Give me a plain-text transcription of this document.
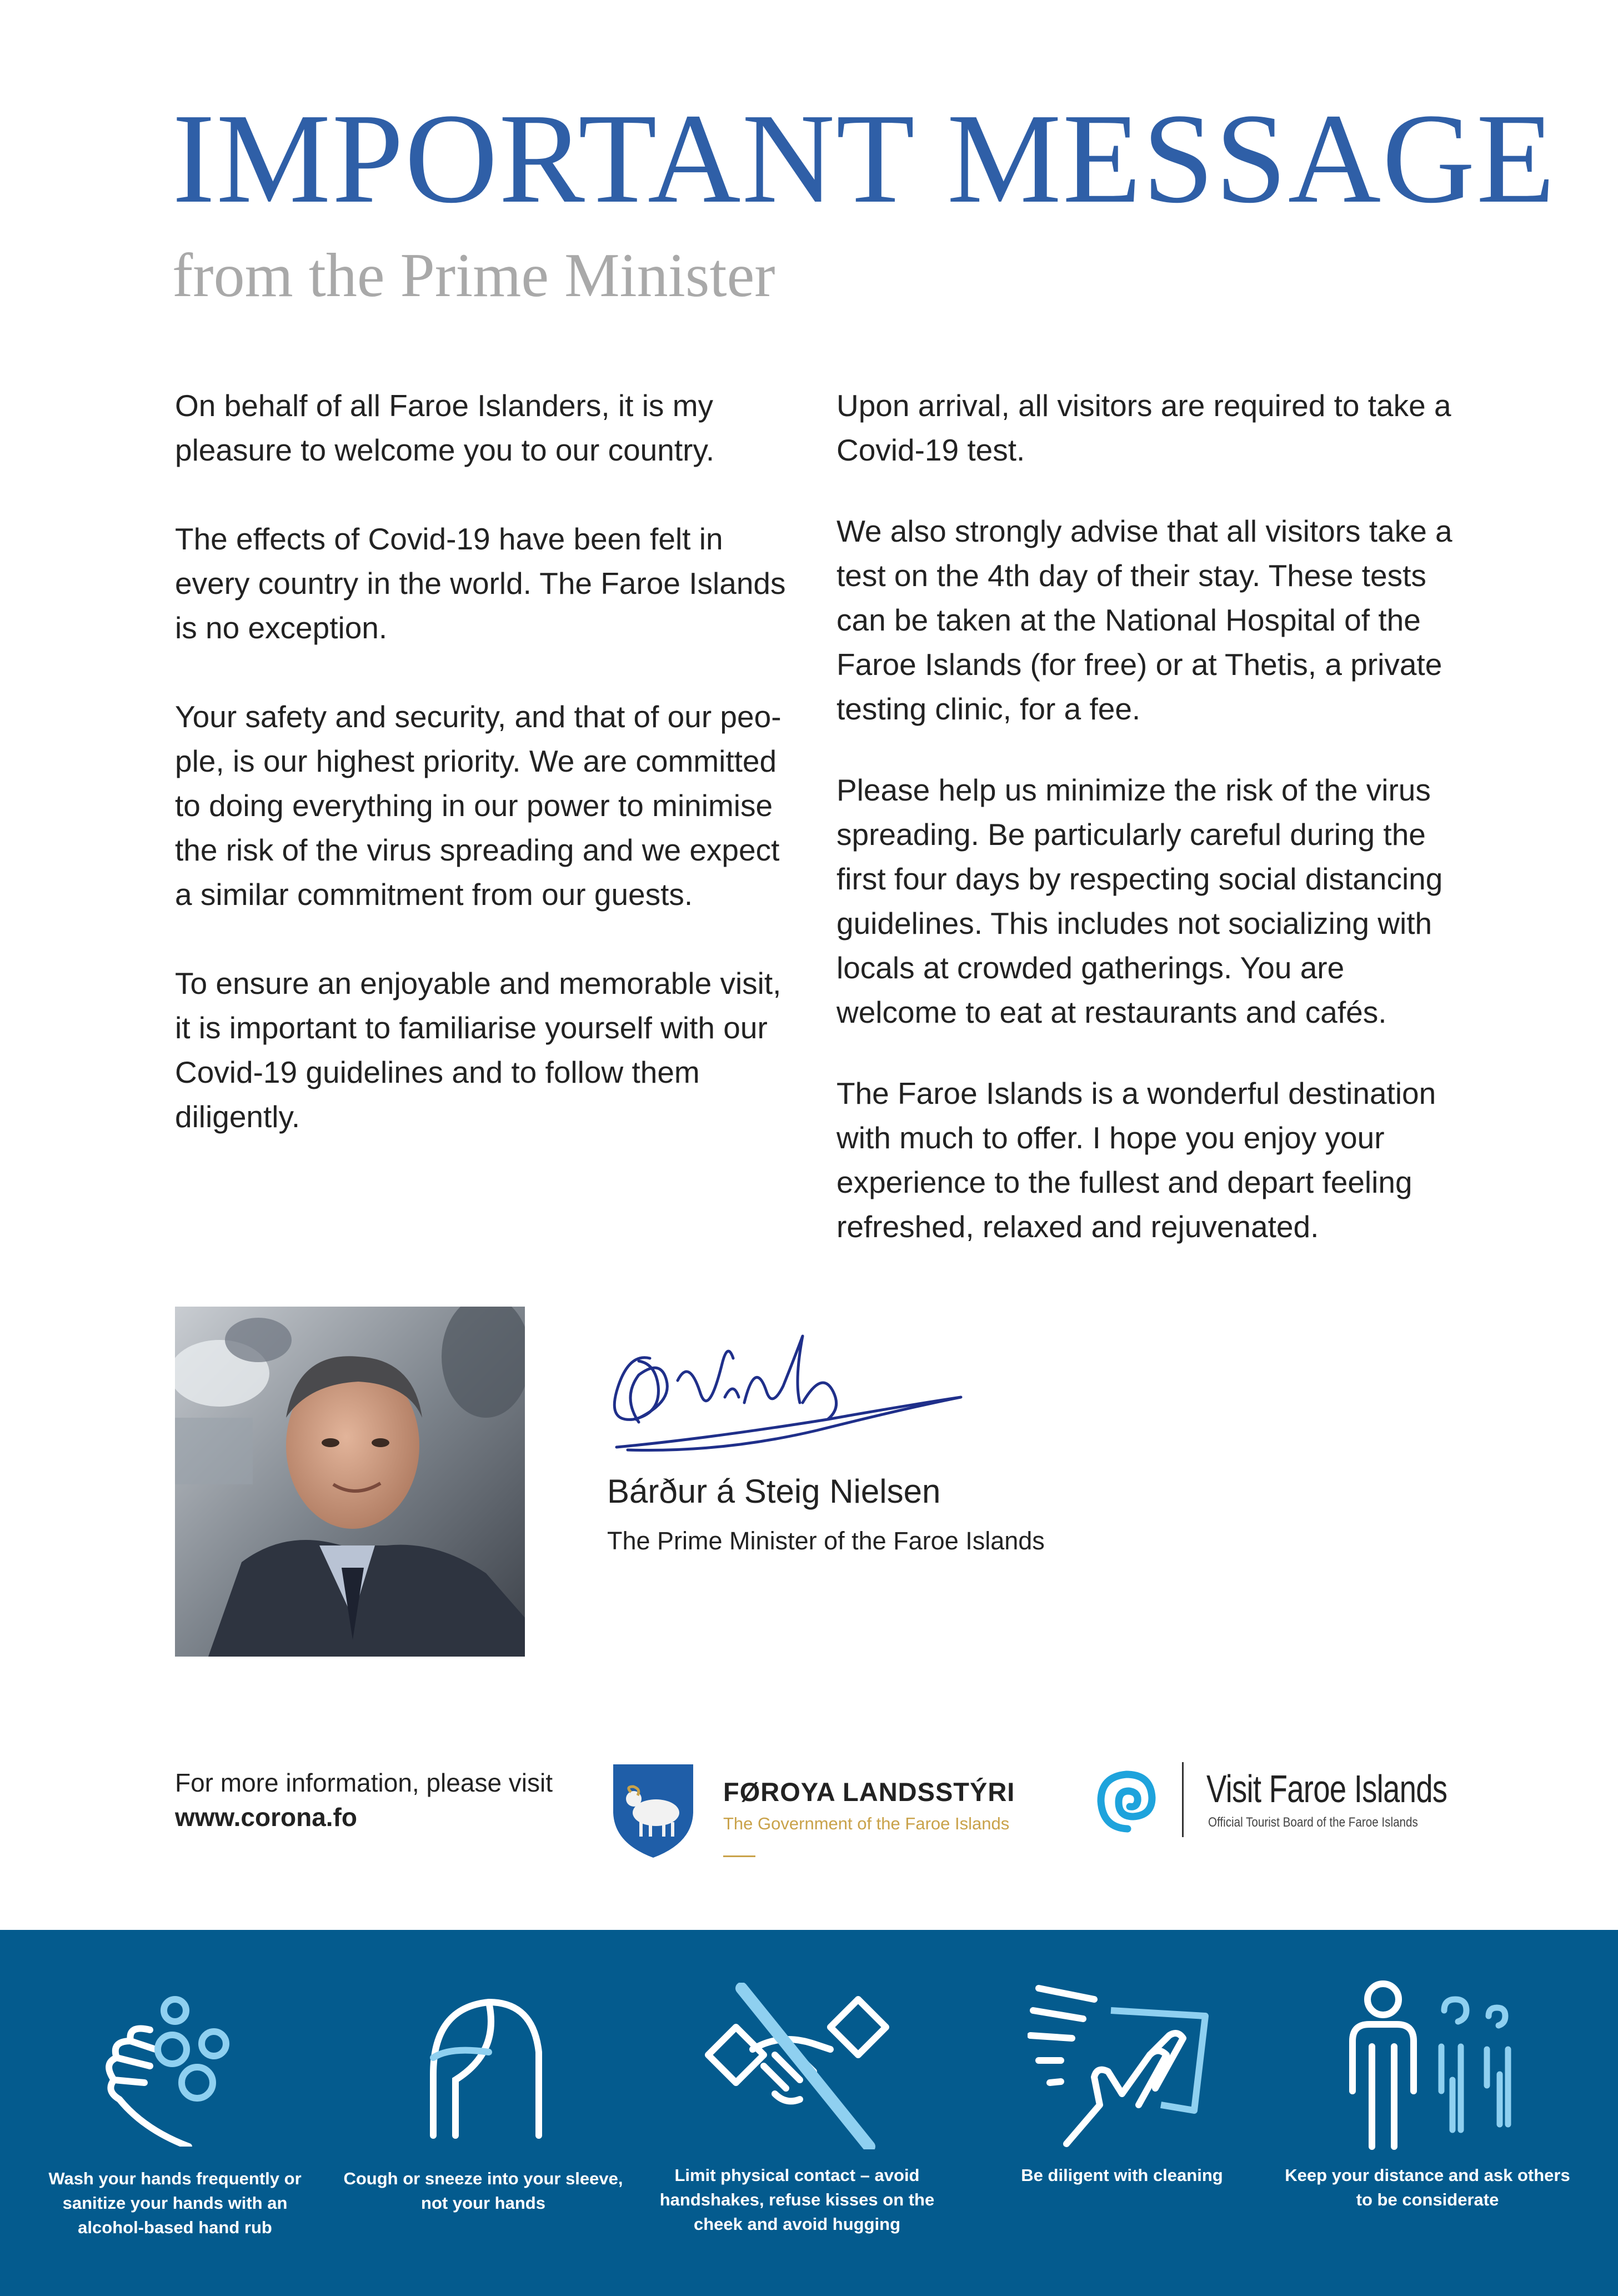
IMPORTANT MESSAGE
from the Prime Minister

On behalf of all Faroe Islanders, it is my pleasure to welcome you to our country.

The effects of Covid-19 have been felt in every country in the world. The Faroe Islands is no exception.

Your safety and security, and that of our peo-ple, is our highest priority. We are committed to doing everything in our power to minimise the risk of the virus spreading and we expect a similar commitment from our guests.

To ensure an enjoyable and memorable visit, it is important to familiarise yourself with our Covid-19 guidelines and to follow them diligently.

Upon arrival, all visitors are required to take a Covid-19 test.

We also strongly advise that all visitors take a test on the 4th day of their stay. These tests can be taken at the National Hospital of the Faroe Islands (for free) or at Thetis, a private testing clinic, for a fee.

Please help us minimize the risk of the virus spreading. Be particularly careful during the first four days by respecting social distancing guidelines. This includes not socializing with locals at crowded gatherings. You are welcome to eat at restaurants and cafés.

The Faroe Islands is a wonderful destination with much to offer. I hope you enjoy your experience to the fullest and depart feeling refreshed, relaxed and rejuvenated.

Bárður á Steig Nielsen
The Prime Minister of the Faroe Islands
For more information, please visit www.corona.fo
FØROYA LANDSSTÝRI
The Government of the Faroe Islands
Visit Faroe Islands
Official Tourist Board of the Faroe Islands
Wash your hands frequently or sanitize your hands with an alcohol-based hand rub
Cough or sneeze into your sleeve, not your hands
Limit physical contact – avoid handshakes, refuse kisses on the cheek and avoid hugging
Be diligent with cleaning	Keep your distance and ask others to be considerate
